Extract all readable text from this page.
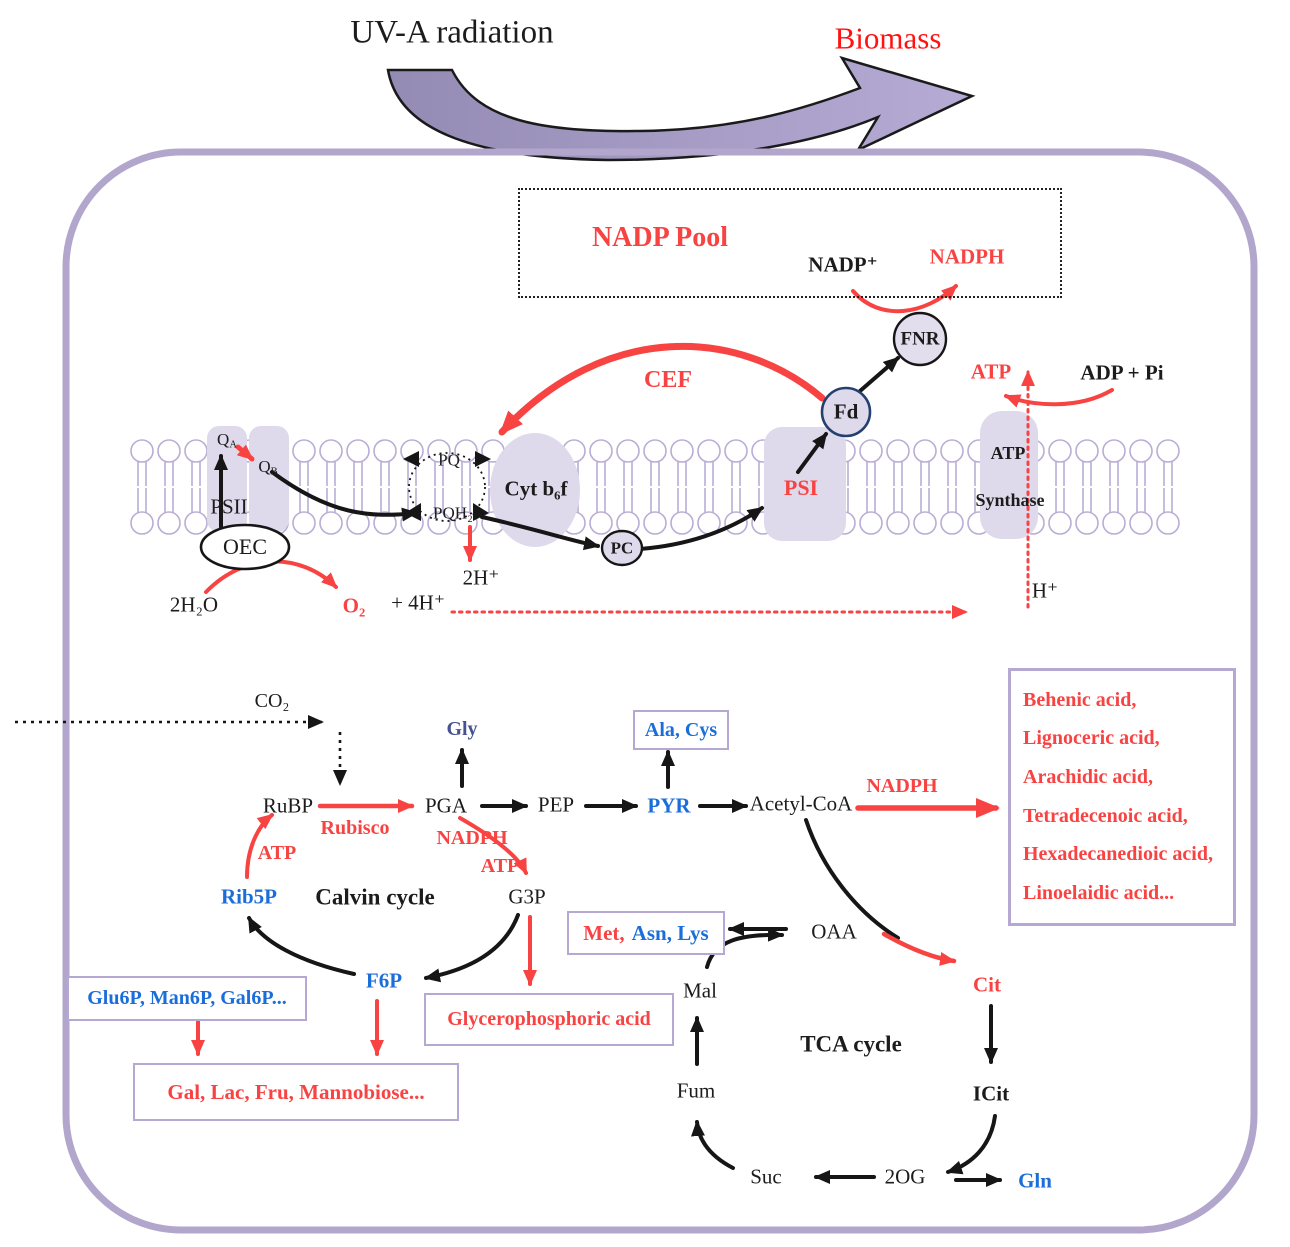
Ala, Cys
Behenic acid,
Lignoceric acid,
Arachidic acid,
Tetradecenoic acid,
Hexadecanedioic acid,
Linoelaidic acid...
Met, Asn, Lys
Glu6P, Man6P, Gal6P...
Glycerophosphoric acid
Gal, Lac, Fru, Mannobiose...
UV-A radiation	Biomass
NADP Pool
NADP⁺ NADPH
FNR
Fd
CEF	ATP	ADP + Pi
$Q_A$
$Q_B$
PSII
OEC
PQ
PQH₂
2H⁺
Cyt b₆f
PC
PSI
ATP
Synthase
2H₂O	O₂ + 4H⁺	H⁺
CO₂
RuBP
Rubisco
PGA
Gly
NADPH
ATP
G3P
Calvin cycle
Rib5P
ATP
F6P
PEP	PYR	Acetyl-CoA
NADPH
OAA
Cit
ICit
2OG
Suc
Fum
Mal
TCA cycle
Gln
